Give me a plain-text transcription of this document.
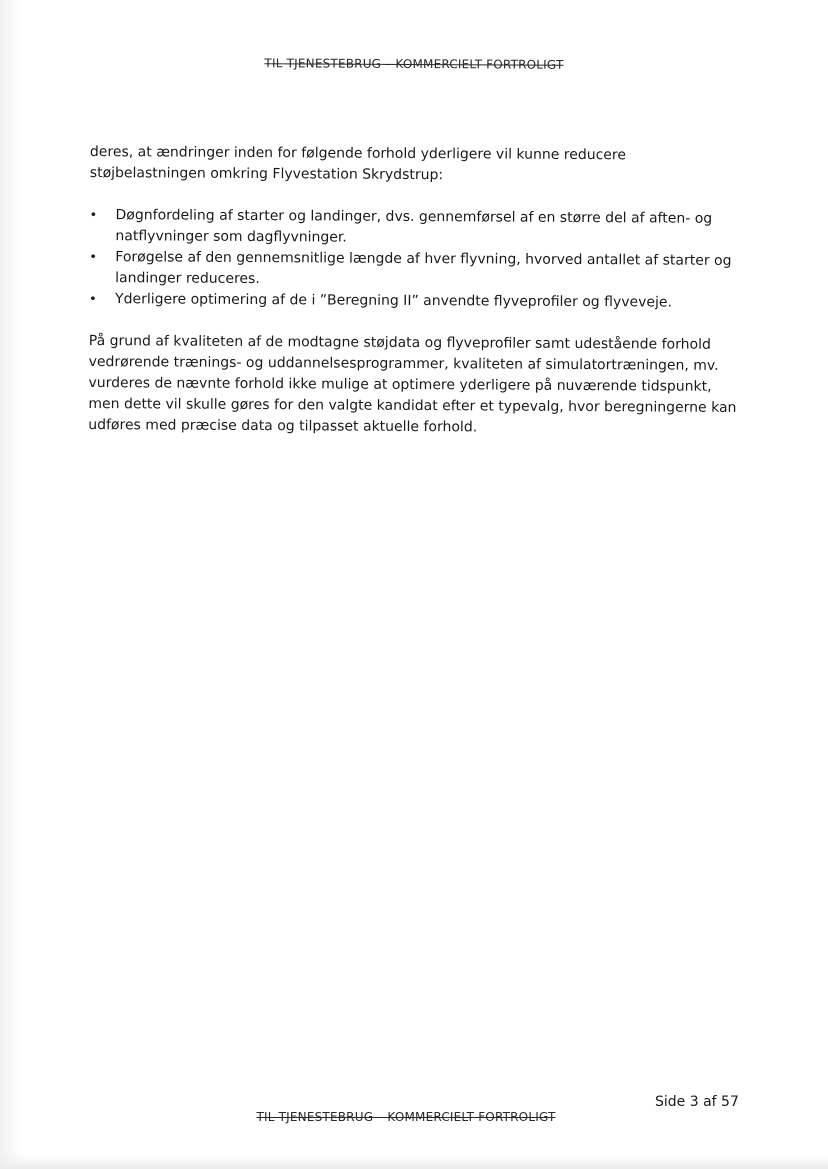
TIL TJENESTEBRUG – KOMMERCIELT FORTROLIGT

deres, at ændringer inden for følgende forhold yderligere vil kunne reducere støjbelastningen omkring Flyvestation Skrydstrup:

•	Døgnfordeling af starter og landinger, dvs. gennemførsel af en større del af aften- og natflyvninger som dagflyvninger.
•	Forøgelse af den gennemsnitlige længde af hver flyvning, hvorved antallet af starter og landinger reduceres.
•	Yderligere optimering af de i ”Beregning II” anvendte flyveprofiler og flyveveje.

På grund af kvaliteten af de modtagne støjdata og flyveprofiler samt udestående forhold vedrørende trænings- og uddannelsesprogrammer, kvaliteten af simulatortræningen, mv. vurderes de nævnte forhold ikke mulige at optimere yderligere på nuværende tidspunkt, men dette vil skulle gøres for den valgte kandidat efter et typevalg, hvor beregningerne kan udføres med præcise data og tilpasset aktuelle forhold.

Side 3 af 57
TIL TJENESTEBRUG – KOMMERCIELT FORTROLIGT
